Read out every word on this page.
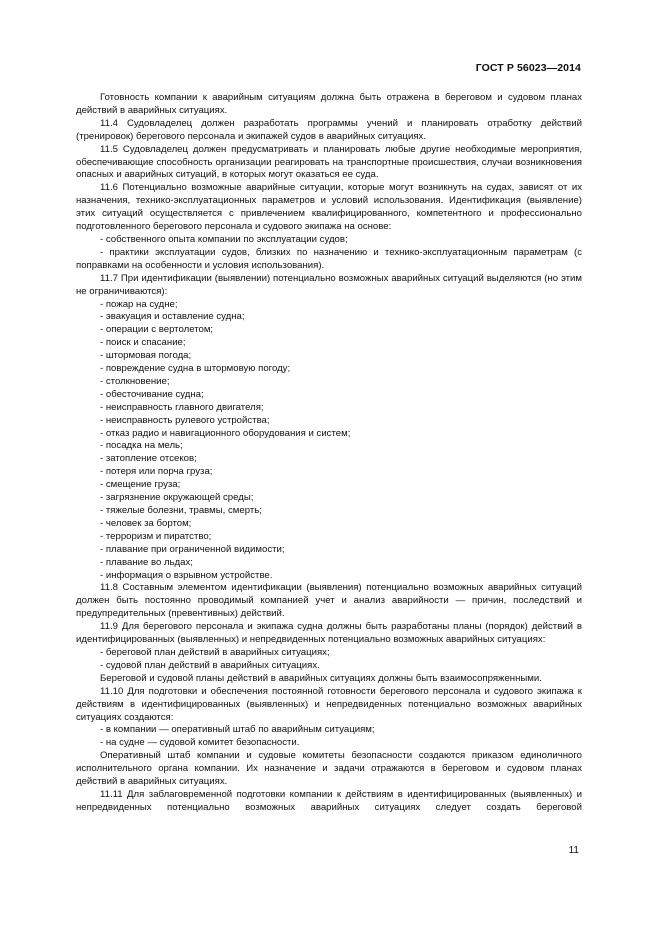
ГОСТ Р 56023—2014

Готовность компании к аварийным ситуациям должна быть отражена в береговом и судовом планах действий в аварийных ситуациях.

11.4 Судовладелец должен разработать программы учений и планировать отработку действий (тренировок) берегового персонала и экипажей судов в аварийных ситуациях.

11.5 Судовладелец должен предусматривать и планировать любые другие необходимые мероприятия, обеспечивающие способность организации реагировать на транспортные происшествия, случаи возникновения опасных и аварийных ситуаций, в которых могут оказаться ее суда.

11.6 Потенциально возможные аварийные ситуации, которые могут возникнуть на судах, зависят от их назначения, технико-эксплуатационных параметров и условий использования. Идентификация (выявление) этих ситуаций осуществляется с привлечением квалифицированного, компетентного и профессионально подготовленного берегового персонала и судового экипажа на основе:

- собственного опыта компании по эксплуатации судов;

- практики эксплуатации судов, близких по назначению и технико-эксплуатационным параметрам (с поправками на особенности и условия использования).

11.7 При идентификации (выявлении) потенциально возможных аварийных ситуаций выделяются (но этим не ограничиваются):

- пожар на судне;

- эвакуация и оставление судна;

- операции с вертолетом;

- поиск и спасание;

- штормовая погода;

- повреждение судна в штормовую погоду;

- столкновение;

- обесточивание судна;

- неисправность главного двигателя;

- неисправность рулевого устройства;

- отказ радио и навигационного оборудования и систем;

- посадка на мель;

- затопление отсеков;

- потеря или порча груза;

- смещение груза;

- загрязнение окружающей среды;

- тяжелые болезни, травмы, смерть;

- человек за бортом;

- терроризм и пиратство;

- плавание при ограниченной видимости;

- плавание во льдах;

- информация о взрывном устройстве.

11.8 Составным элементом идентификации (выявления) потенциально возможных аварийных ситуаций должен быть постоянно проводимый компанией учет и анализ аварийности — причин, последствий и предупредительных (превентивных) действий.

11.9 Для берегового персонала и экипажа судна должны быть разработаны планы (порядок) действий в идентифицированных (выявленных) и непредвиденных потенциально возможных аварийных ситуациях:

- береговой план действий в аварийных ситуациях;

- судовой план действий в аварийных ситуациях.

Береговой и судовой планы действий в аварийных ситуациях должны быть взаимосопряженными.

11.10 Для подготовки и обеспечения постоянной готовности берегового персонала и судового экипажа к действиям в идентифицированных (выявленных) и непредвиденных потенциально возможных аварийных ситуациях создаются:

- в компании — оперативный штаб по аварийным ситуациям;

- на судне — судовой комитет безопасности.

Оперативный штаб компании и судовые комитеты безопасности создаются приказом единоличного исполнительного органа компании. Их назначение и задачи отражаются в береговом и судовом планах действий в аварийных ситуациях.

11.11 Для заблаговременной подготовки компании к действиям в идентифицированных (выявленных) и непредвиденных потенциально возможных аварийных ситуациях следует создать береговой

11
